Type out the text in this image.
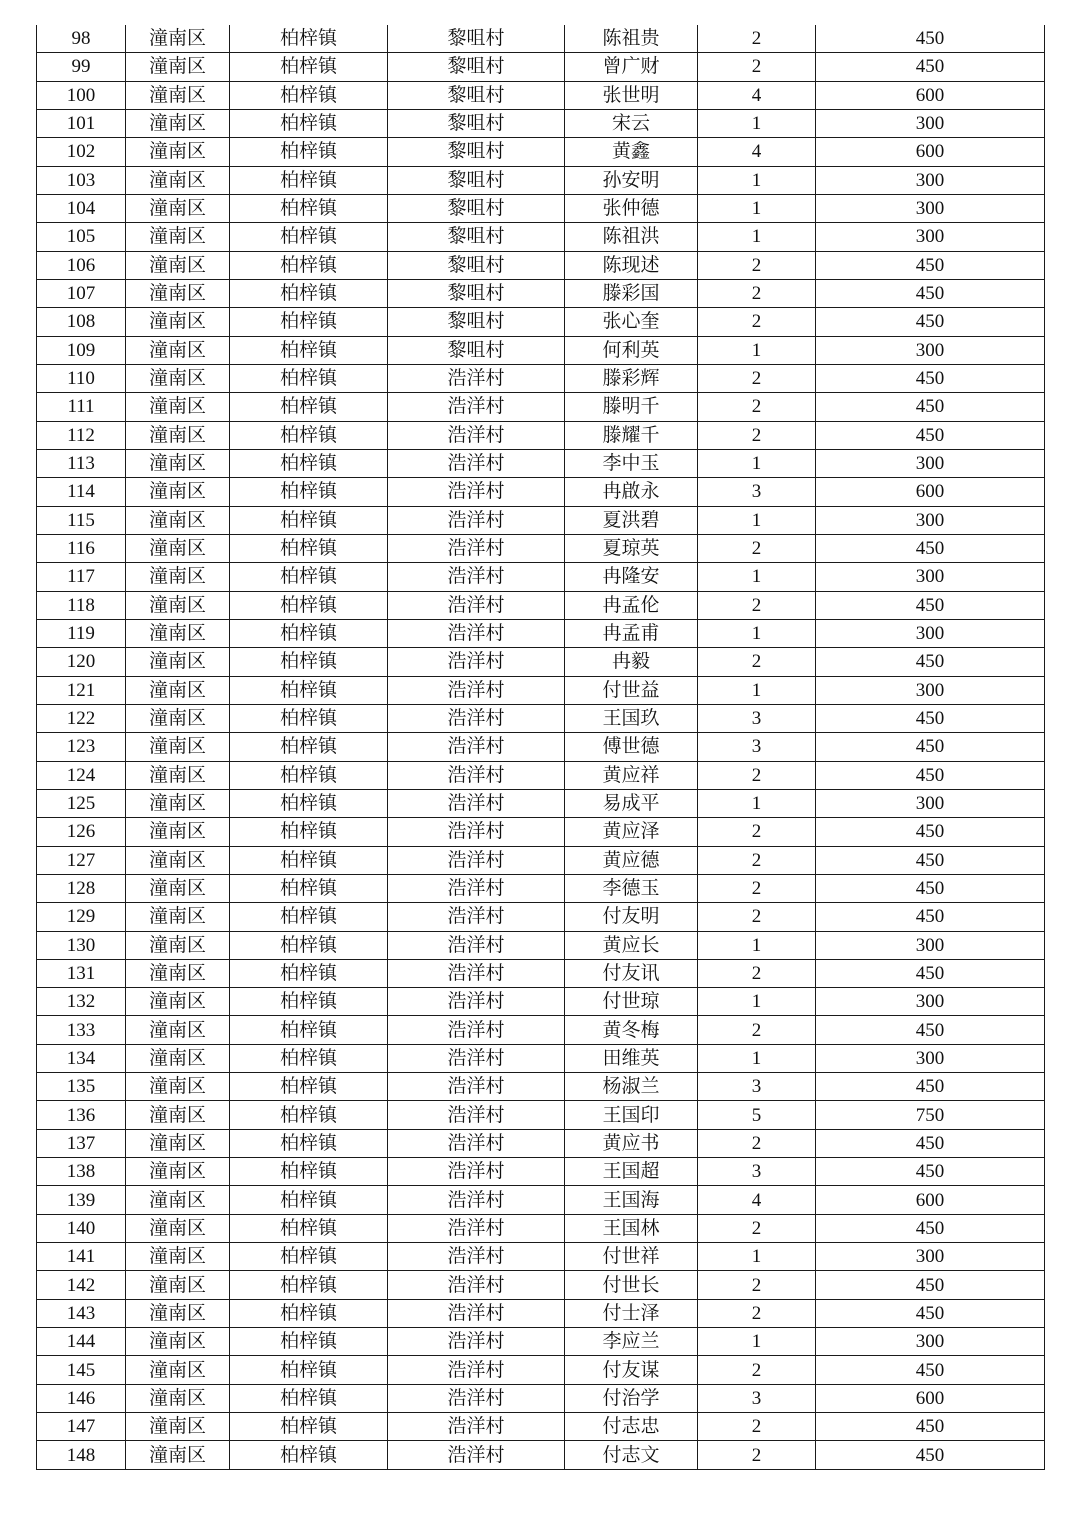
98	潼南区	柏梓镇	黎咀村	陈祖贵	2	450
99	潼南区	柏梓镇	黎咀村	曾广财	2	450
100	潼南区	柏梓镇	黎咀村	张世明	4	600
101	潼南区	柏梓镇	黎咀村	宋云	1	300
102	潼南区	柏梓镇	黎咀村	黄鑫	4	600
103	潼南区	柏梓镇	黎咀村	孙安明	1	300
104	潼南区	柏梓镇	黎咀村	张仲德	1	300
105	潼南区	柏梓镇	黎咀村	陈祖洪	1	300
106	潼南区	柏梓镇	黎咀村	陈现述	2	450
107	潼南区	柏梓镇	黎咀村	滕彩国	2	450
108	潼南区	柏梓镇	黎咀村	张心奎	2	450
109	潼南区	柏梓镇	黎咀村	何利英	1	300
110	潼南区	柏梓镇	浩洋村	滕彩辉	2	450
111	潼南区	柏梓镇	浩洋村	滕明千	2	450
112	潼南区	柏梓镇	浩洋村	滕耀千	2	450
113	潼南区	柏梓镇	浩洋村	李中玉	1	300
114	潼南区	柏梓镇	浩洋村	冉啟永	3	600
115	潼南区	柏梓镇	浩洋村	夏洪碧	1	300
116	潼南区	柏梓镇	浩洋村	夏琼英	2	450
117	潼南区	柏梓镇	浩洋村	冉隆安	1	300
118	潼南区	柏梓镇	浩洋村	冉孟伦	2	450
119	潼南区	柏梓镇	浩洋村	冉孟甫	1	300
120	潼南区	柏梓镇	浩洋村	冉毅	2	450
121	潼南区	柏梓镇	浩洋村	付世益	1	300
122	潼南区	柏梓镇	浩洋村	王国玖	3	450
123	潼南区	柏梓镇	浩洋村	傅世德	3	450
124	潼南区	柏梓镇	浩洋村	黄应祥	2	450
125	潼南区	柏梓镇	浩洋村	易成平	1	300
126	潼南区	柏梓镇	浩洋村	黄应泽	2	450
127	潼南区	柏梓镇	浩洋村	黄应德	2	450
128	潼南区	柏梓镇	浩洋村	李德玉	2	450
129	潼南区	柏梓镇	浩洋村	付友明	2	450
130	潼南区	柏梓镇	浩洋村	黄应长	1	300
131	潼南区	柏梓镇	浩洋村	付友讯	2	450
132	潼南区	柏梓镇	浩洋村	付世琼	1	300
133	潼南区	柏梓镇	浩洋村	黄冬梅	2	450
134	潼南区	柏梓镇	浩洋村	田维英	1	300
135	潼南区	柏梓镇	浩洋村	杨淑兰	3	450
136	潼南区	柏梓镇	浩洋村	王国印	5	750
137	潼南区	柏梓镇	浩洋村	黄应书	2	450
138	潼南区	柏梓镇	浩洋村	王国超	3	450
139	潼南区	柏梓镇	浩洋村	王国海	4	600
140	潼南区	柏梓镇	浩洋村	王国林	2	450
141	潼南区	柏梓镇	浩洋村	付世祥	1	300
142	潼南区	柏梓镇	浩洋村	付世长	2	450
143	潼南区	柏梓镇	浩洋村	付士泽	2	450
144	潼南区	柏梓镇	浩洋村	李应兰	1	300
145	潼南区	柏梓镇	浩洋村	付友谋	2	450
146	潼南区	柏梓镇	浩洋村	付治学	3	600
147	潼南区	柏梓镇	浩洋村	付志忠	2	450
148	潼南区	柏梓镇	浩洋村	付志文	2	450
